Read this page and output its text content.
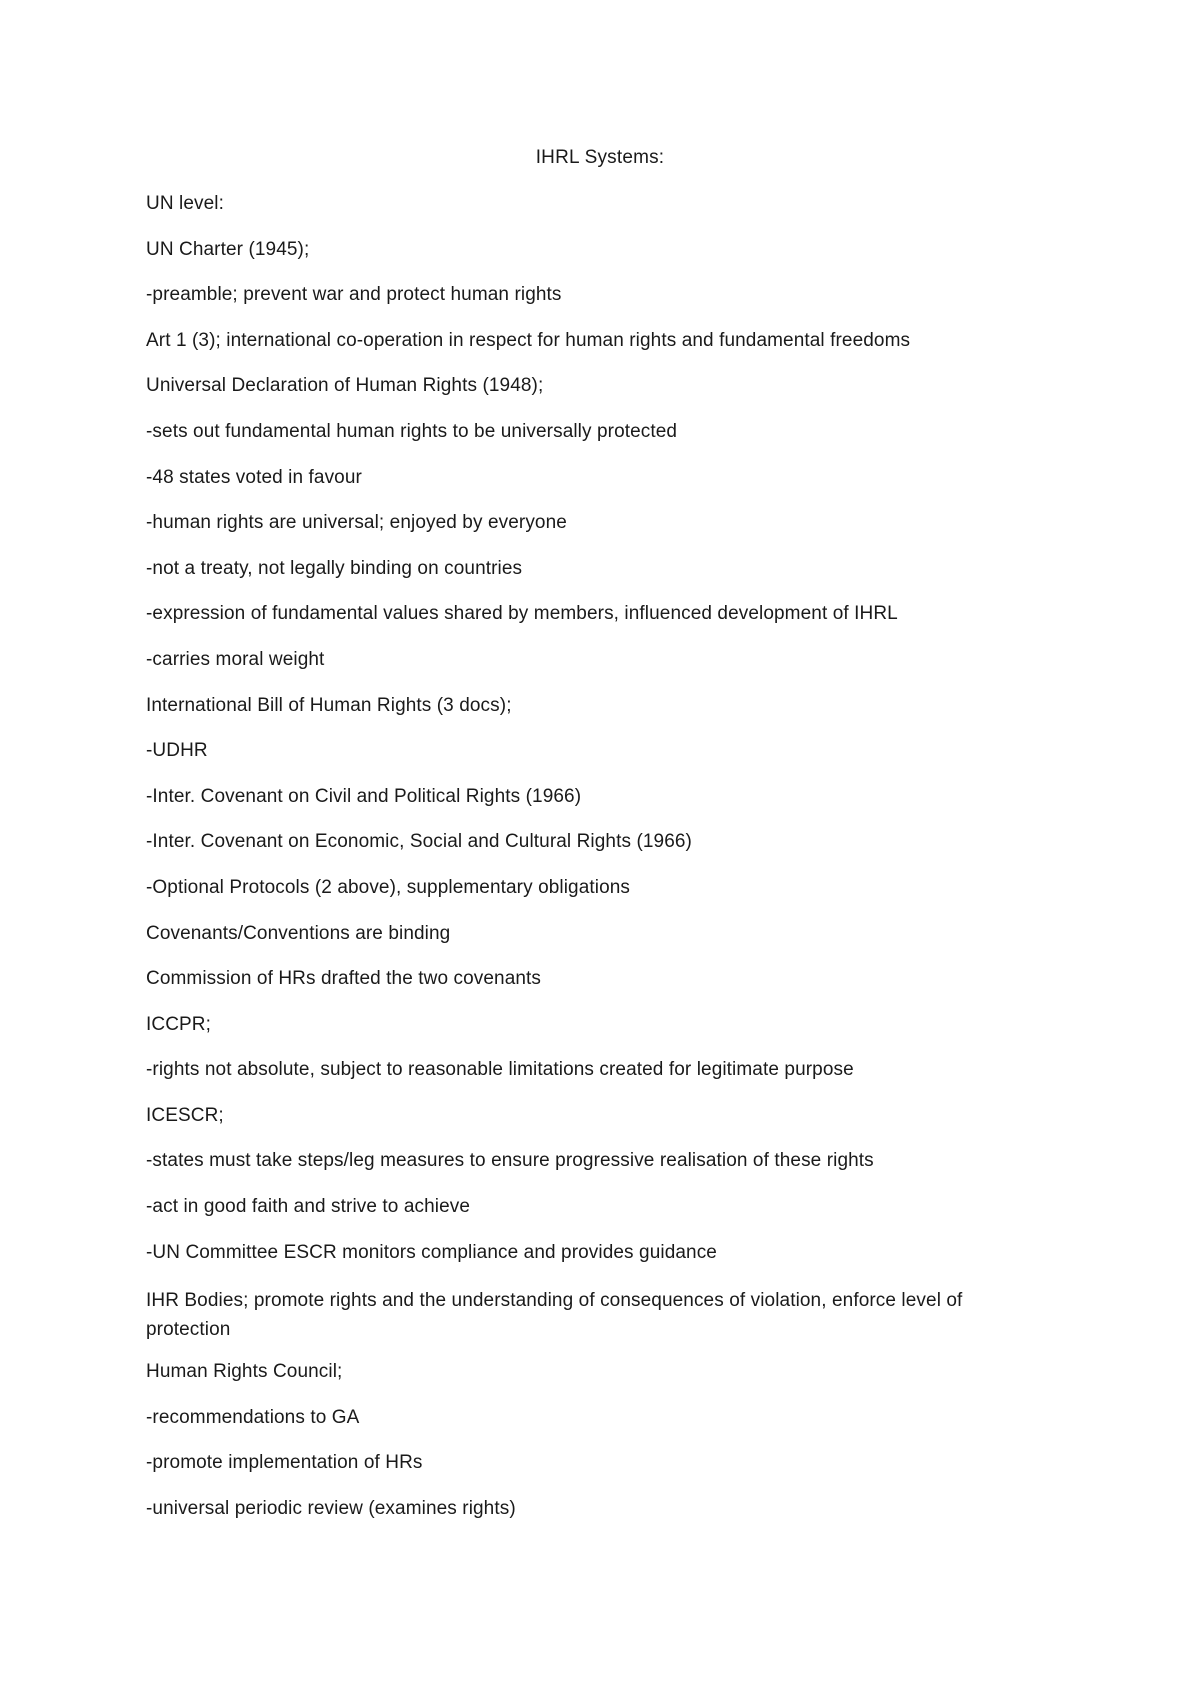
IHRL Systems:
UN level:
UN Charter (1945);
-preamble; prevent war and protect human rights
Art 1 (3); international co-operation in respect for human rights and fundamental freedoms
Universal Declaration of Human Rights (1948);
-sets out fundamental human rights to be universally protected
-48 states voted in favour
-human rights are universal; enjoyed by everyone
-not a treaty, not legally binding on countries
-expression of fundamental values shared by members, influenced development of IHRL
-carries moral weight
International Bill of Human Rights (3 docs);
-UDHR
-Inter. Covenant on Civil and Political Rights (1966)
-Inter. Covenant on Economic, Social and Cultural Rights (1966)
-Optional Protocols (2 above), supplementary obligations
Covenants/Conventions are binding
Commission of HRs drafted the two covenants
ICCPR;
-rights not absolute, subject to reasonable limitations created for legitimate purpose
ICESCR;
-states must take steps/leg measures to ensure progressive realisation of these rights
-act in good faith and strive to achieve
-UN Committee ESCR monitors compliance and provides guidance
IHR Bodies; promote rights and the understanding of consequences of violation, enforce level of protection
Human Rights Council;
-recommendations to GA
-promote implementation of HRs
-universal periodic review (examines rights)
